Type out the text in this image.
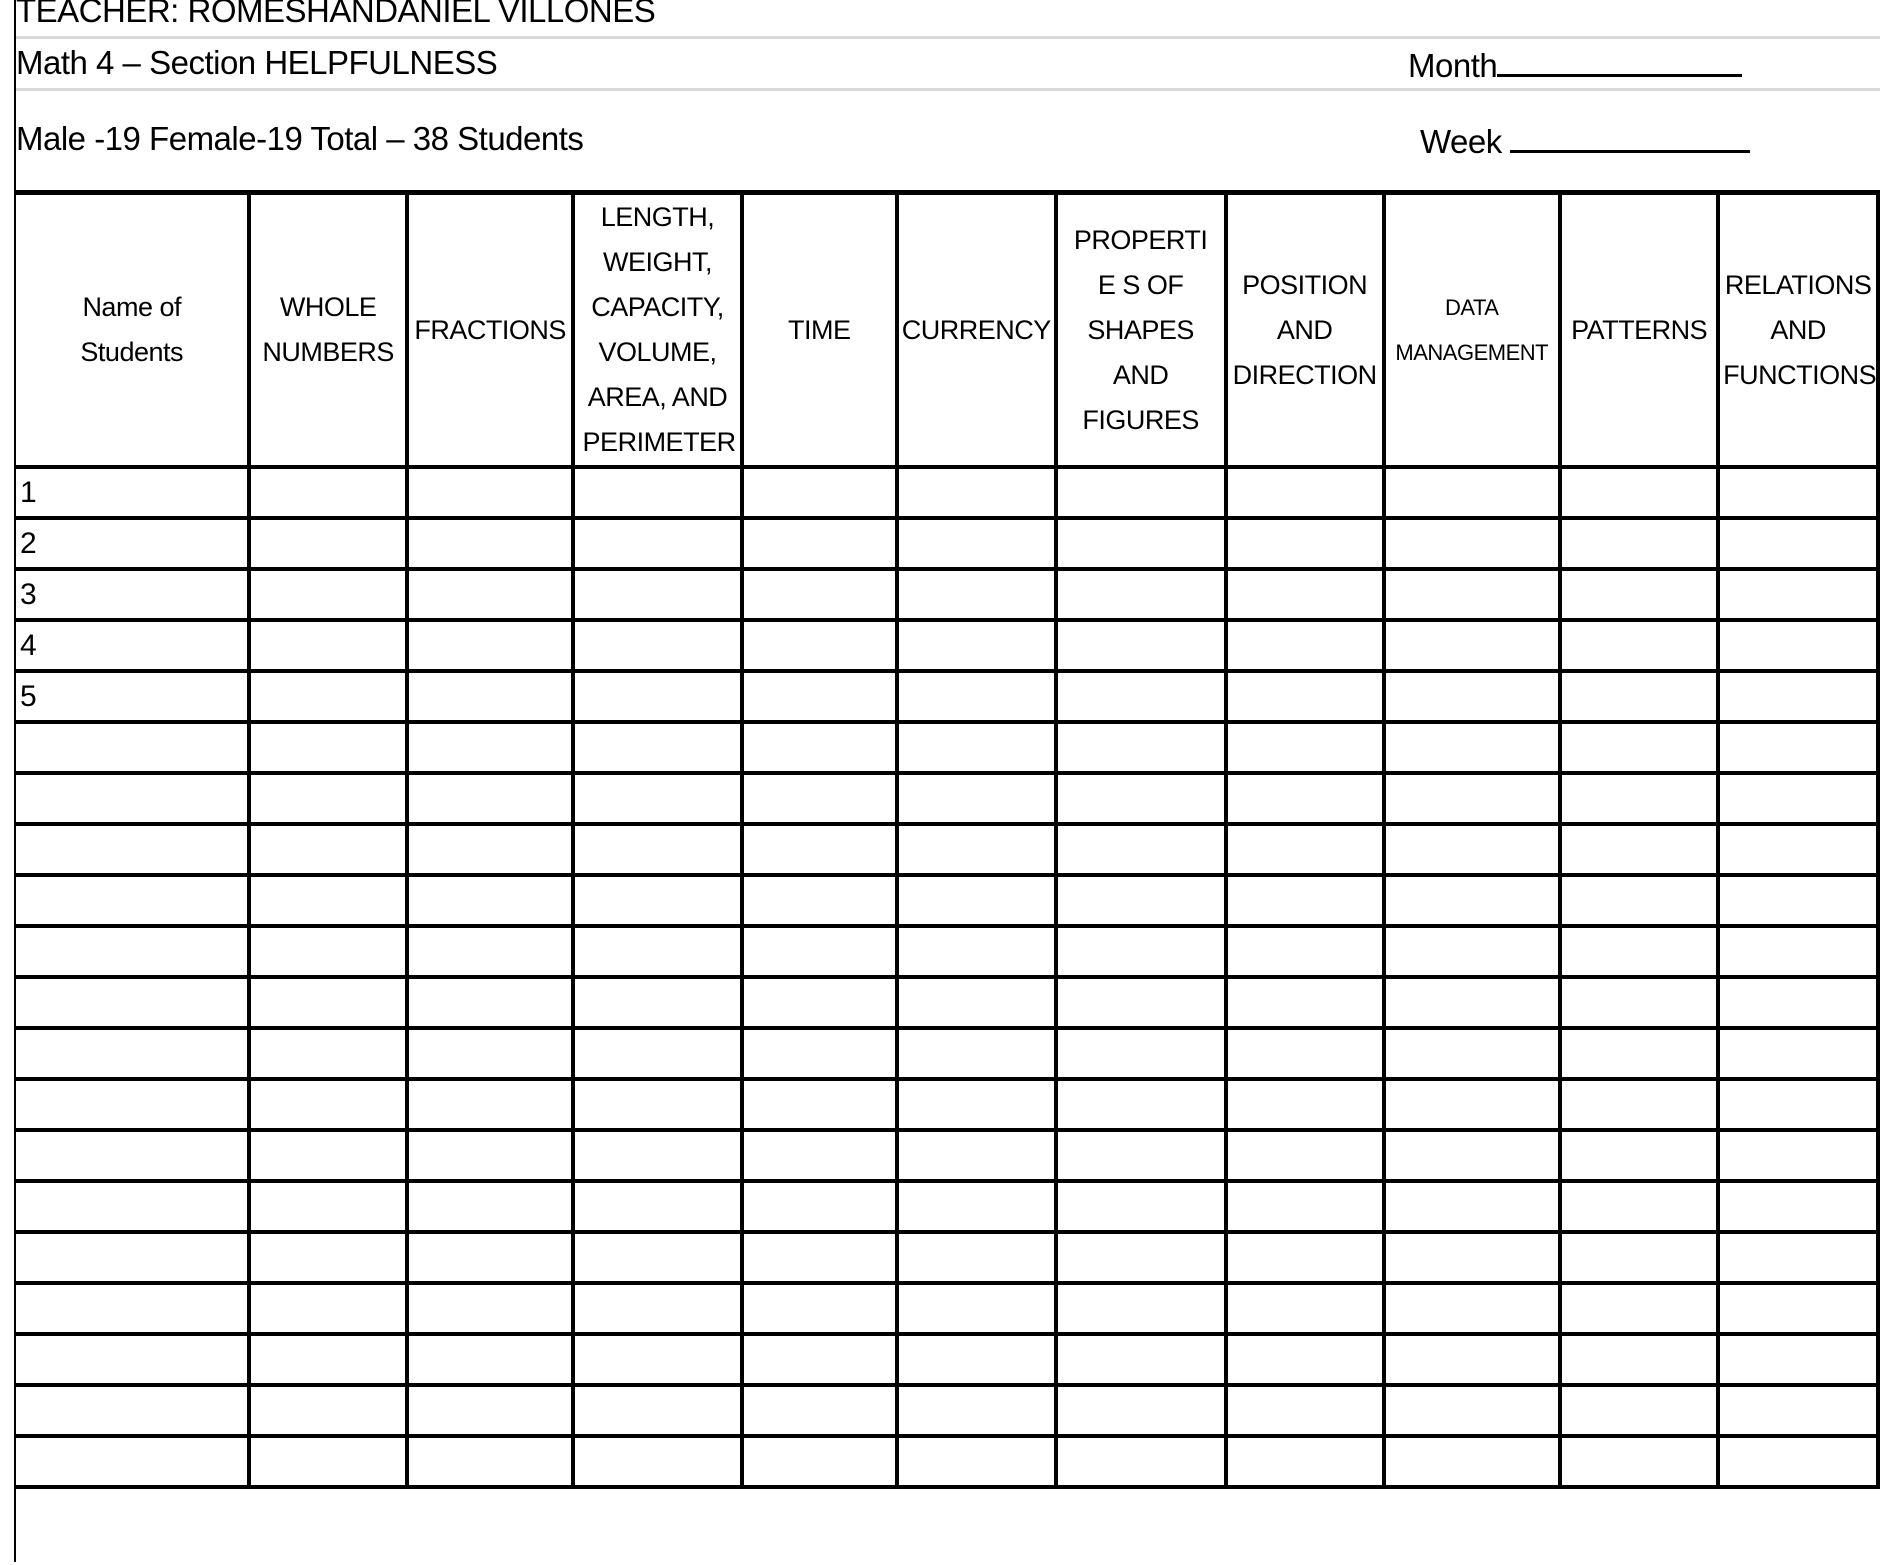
TEACHER: ROMESHANDANIEL VILLONES
Math 4 – Section HELPFULNESS	Month
Male -19 Female-19 Total – 38 Students	Week
Name of Students	WHOLE NUMBERS	FRACTIONS	LENGTH, WEIGHT, CAPACITY, VOLUME, AREA, AND PERIMETER	TIME	CURRENCY	PROPERTIE S OF SHAPES AND FIGURES	POSITION AND DIRECTION	DATA MANAGEMENT	PATTERNS	RELATIONS AND FUNCTIONS

1										
2										
3										
4										
5										
